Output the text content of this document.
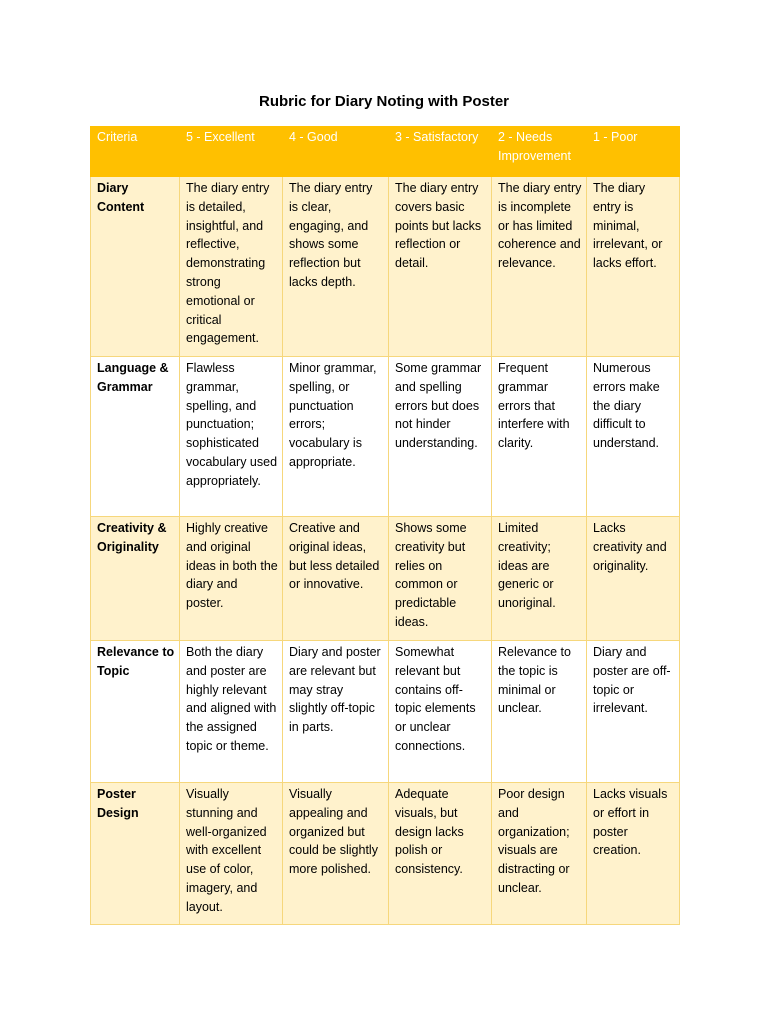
Rubric for Diary Noting with Poster
Criteria	5 - Excellent	4 - Good	3 - Satisfactory	2 - Needs Improvement	1 - Poor
Diary Content	The diary entry is detailed, insightful, and reflective, demonstrating strong emotional or critical engagement.	The diary entry is clear, engaging, and shows some reflection but lacks depth.	The diary entry covers basic points but lacks reflection or detail.	The diary entry is incomplete or has limited coherence and relevance.	The diary entry is minimal, irrelevant, or lacks effort.
Language & Grammar	Flawless grammar, spelling, and punctuation; sophisticated vocabulary used appropriately.	Minor grammar, spelling, or punctuation errors; vocabulary is appropriate.	Some grammar and spelling errors but does not hinder understanding.	Frequent grammar errors that interfere with clarity.	Numerous errors make the diary difficult to understand.
Creativity & Originality	Highly creative and original ideas in both the diary and poster.	Creative and original ideas, but less detailed or innovative.	Shows some creativity but relies on common or predictable ideas.	Limited creativity; ideas are generic or unoriginal.	Lacks creativity and originality.
Relevance to Topic	Both the diary and poster are highly relevant and aligned with the assigned topic or theme.	Diary and poster are relevant but may stray slightly off-topic in parts.	Somewhat relevant but contains off-topic elements or unclear connections.	Relevance to the topic is minimal or unclear.	Diary and poster are off-topic or irrelevant.
Poster Design	Visually stunning and well-organized with excellent use of color, imagery, and layout.	Visually appealing and organized but could be slightly more polished.	Adequate visuals, but design lacks polish or consistency.	Poor design and organization; visuals are distracting or unclear.	Lacks visuals or effort in poster creation.
